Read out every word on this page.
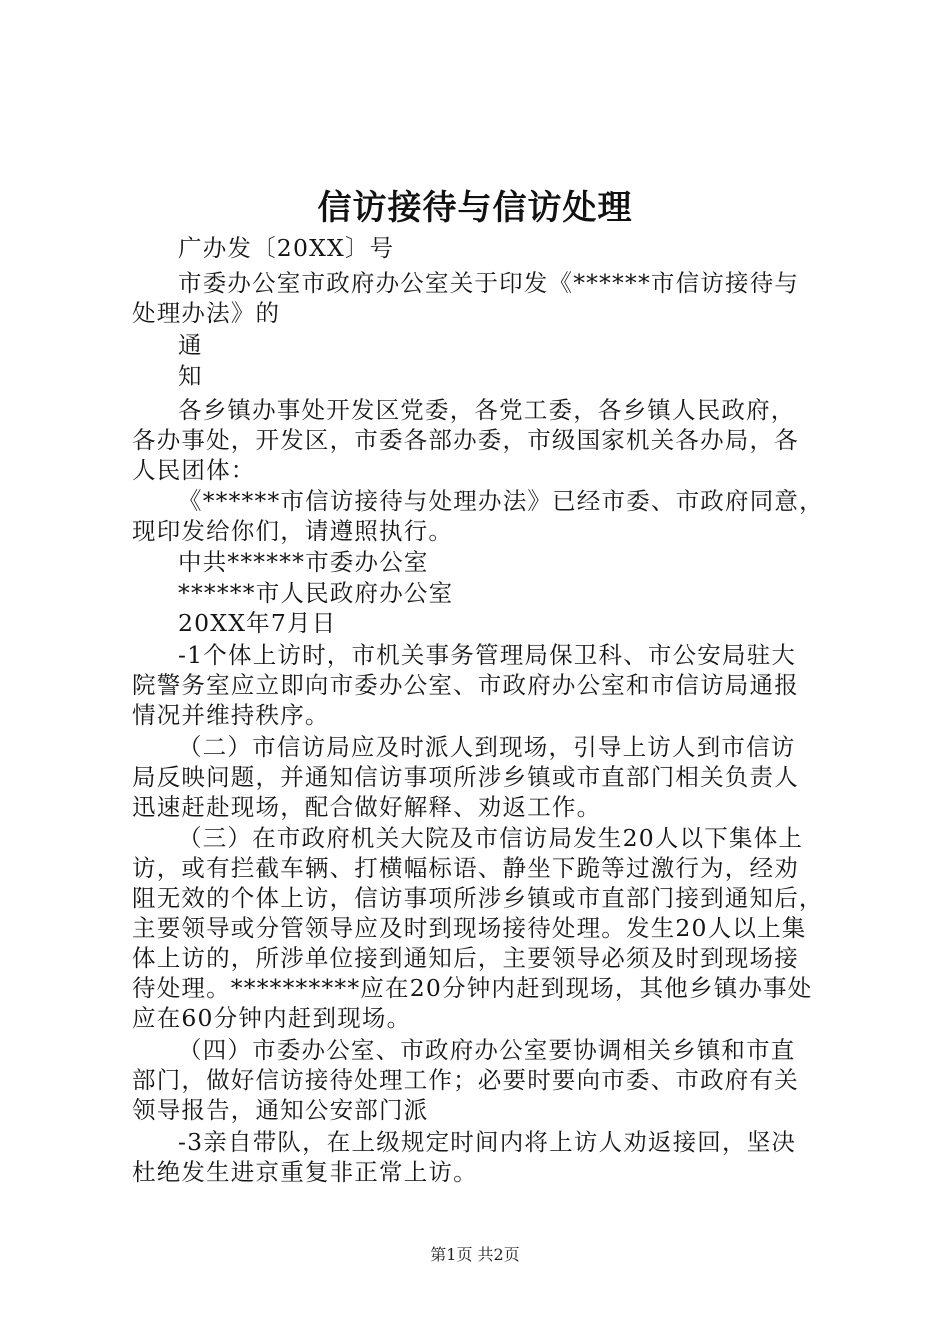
信访接待与信访处理
广办发〔20XX〕号
市委办公室市政府办公室关于印发《******市信访接待与
处理办法》的
通
知
各乡镇办事处开发区党委，各党工委，各乡镇人民政府，
各办事处，开发区，市委各部办委，市级国家机关各办局，各
人民团体：
《******市信访接待与处理办法》已经市委、市政府同意，
现印发给你们，请遵照执行。
中共******市委办公室
******市人民政府办公室
20XX年7月日
-1个体上访时，市机关事务管理局保卫科、市公安局驻大
院警务室应立即向市委办公室、市政府办公室和市信访局通报
情况并维持秩序。
（二）市信访局应及时派人到现场，引导上访人到市信访
局反映问题，并通知信访事项所涉乡镇或市直部门相关负责人
迅速赶赴现场，配合做好解释、劝返工作。
（三）在市政府机关大院及市信访局发生20人以下集体上
访，或有拦截车辆、打横幅标语、静坐下跪等过激行为，经劝
阻无效的个体上访，信访事项所涉乡镇或市直部门接到通知后，
主要领导或分管领导应及时到现场接待处理。发生20人以上集
体上访的，所涉单位接到通知后，主要领导必须及时到现场接
待处理。**********应在20分钟内赶到现场，其他乡镇办事处
应在60分钟内赶到现场。
（四）市委办公室、市政府办公室要协调相关乡镇和市直
部门，做好信访接待处理工作；必要时要向市委、市政府有关
领导报告，通知公安部门派
-3亲自带队，在上级规定时间内将上访人劝返接回，坚决
杜绝发生进京重复非正常上访。
第1页 共2页
